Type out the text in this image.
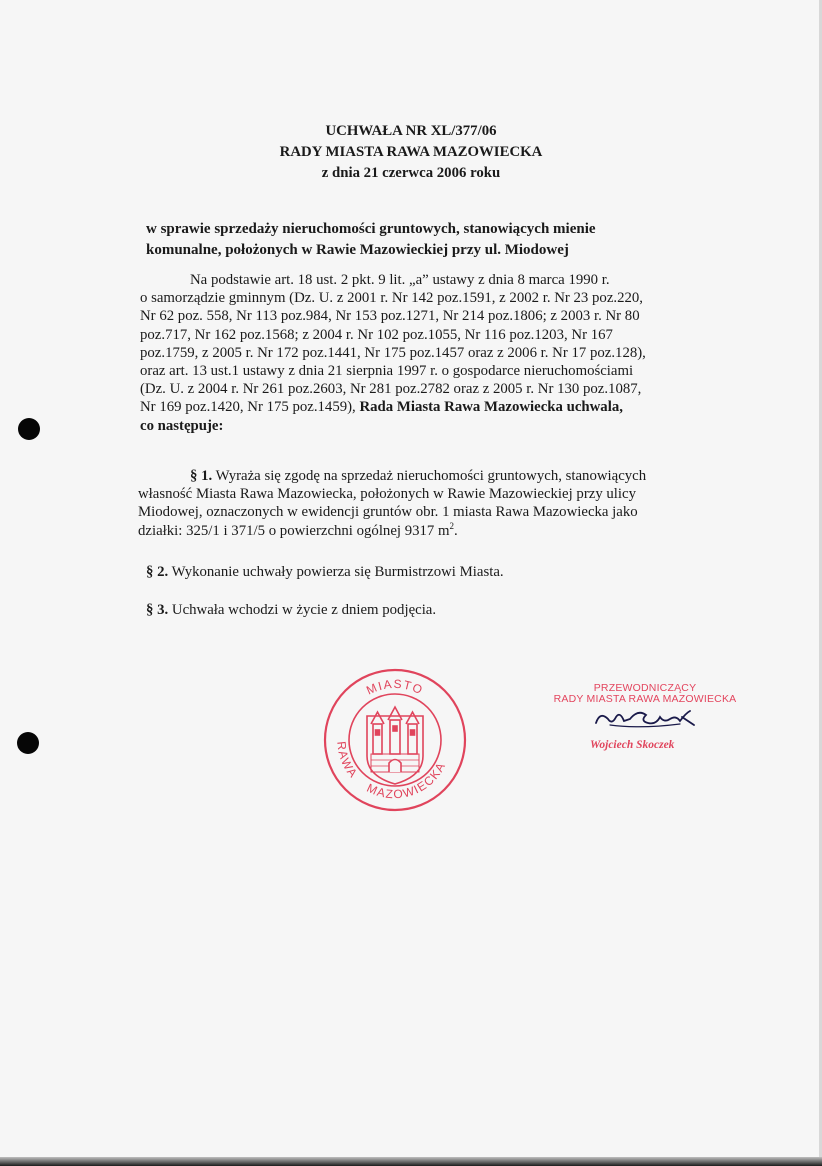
UCHWAŁA NR XL/377/06
RADY MIASTA RAWA MAZOWIECKA
z dnia 21 czerwca 2006 roku
w sprawie sprzedaży nieruchomości gruntowych, stanowiących mienie
komunalne, położonych w Rawie Mazowieckiej przy ul. Miodowej
Na podstawie art. 18 ust. 2 pkt. 9 lit. „a” ustawy z dnia 8 marca 1990 r.
o samorządzie gminnym (Dz. U. z 2001 r. Nr 142 poz.1591, z 2002 r. Nr 23 poz.220,
Nr 62 poz. 558, Nr 113 poz.984, Nr 153 poz.1271, Nr 214 poz.1806; z 2003 r. Nr 80
poz.717, Nr 162 poz.1568; z 2004 r. Nr 102 poz.1055, Nr 116 poz.1203, Nr 167
poz.1759, z 2005 r. Nr 172 poz.1441, Nr 175 poz.1457 oraz z 2006 r. Nr 17 poz.128),
oraz art. 13 ust.1 ustawy z dnia 21 sierpnia 1997 r. o gospodarce nieruchomościami
(Dz. U. z 2004 r. Nr 261 poz.2603, Nr 281 poz.2782 oraz z 2005 r. Nr 130 poz.1087,
Nr 169 poz.1420, Nr 175 poz.1459), Rada Miasta Rawa Mazowiecka uchwala,
co następuje:
§ 1. Wyraża się zgodę na sprzedaż nieruchomości gruntowych, stanowiących
własność Miasta Rawa Mazowiecka, położonych w Rawie Mazowieckiej przy ulicy
Miodowej, oznaczonych w ewidencji gruntów obr. 1 miasta Rawa Mazowiecka jako
działki: 325/1 i 371/5 o powierzchni ogólnej 9317 $m^2$.
§ 2. Wykonanie uchwały powierza się Burmistrzowi Miasta.
§ 3. Uchwała wchodzi w życie z dniem podjęcia.
MIASTO
RAWA
MAZOWIECKA
PRZEWODNICZĄCY
RADY MIASTA RAWA MAZOWIECKA
Wojciech Skoczek
